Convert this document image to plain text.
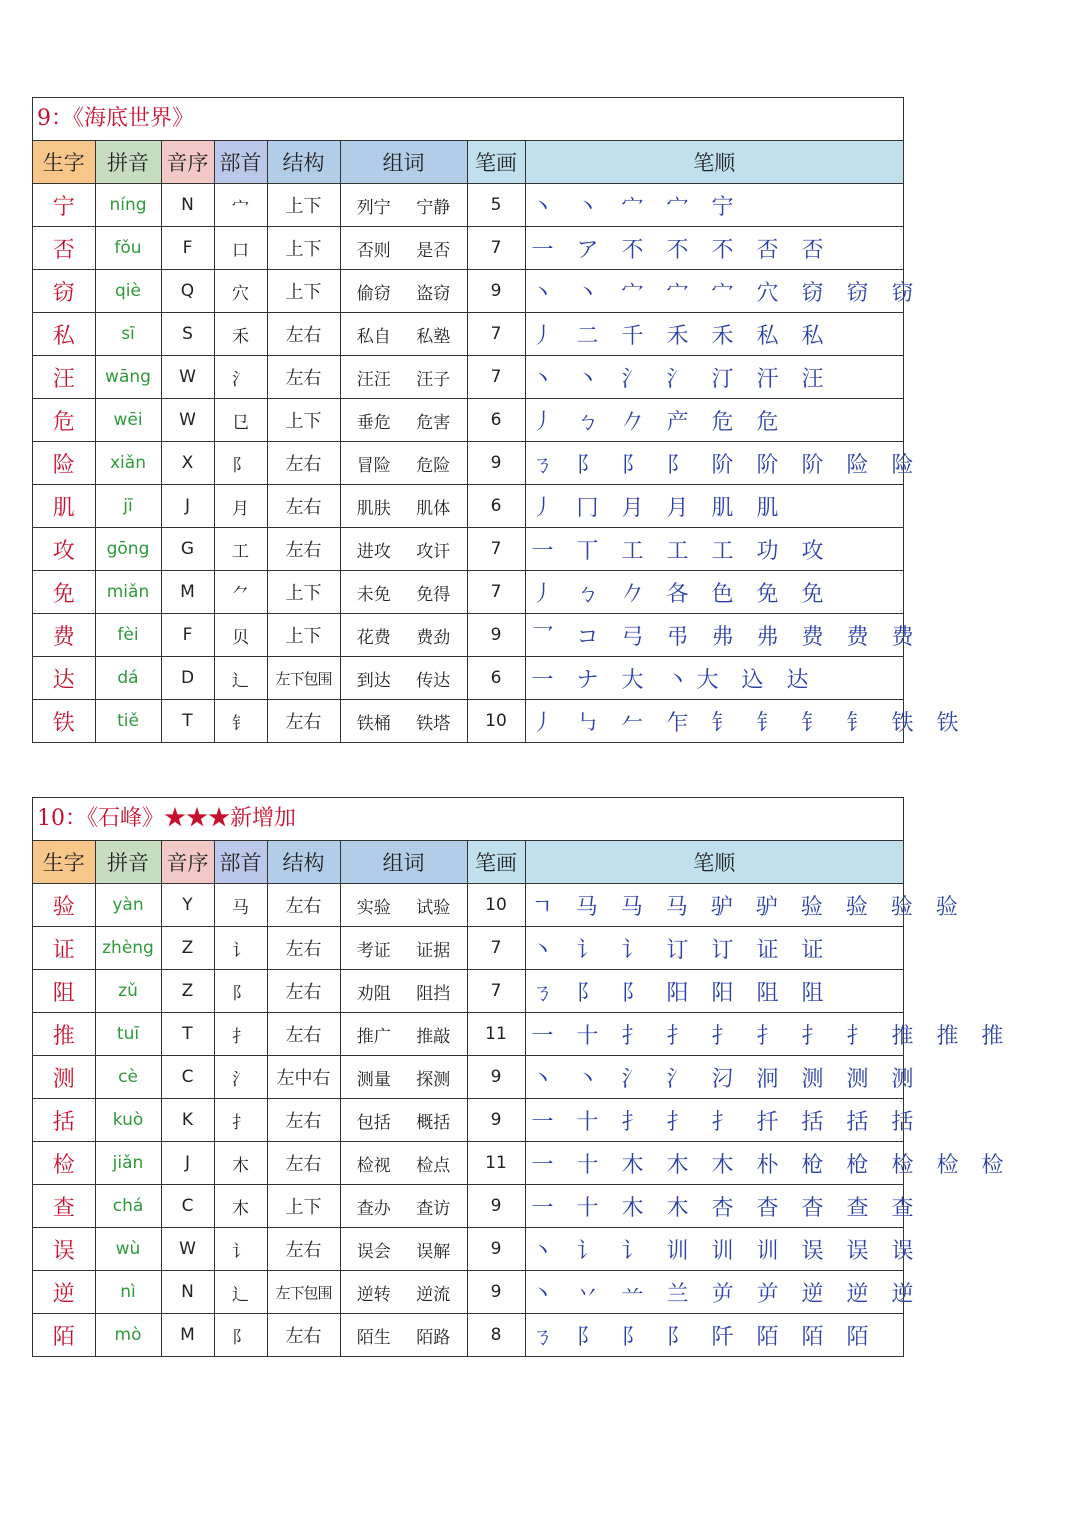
9：《海底世界》
生字	拼音	音序	部首	结构	组词	笔画	笔顺
宁	níng	N	宀	上下	列宁 宁静	5	丶 丶 宀 宀 宁
否	fǒu	F	口	上下	否则 是否	7	一 ア 不 不 不 否 否
窃	qiè	Q	穴	上下	偷窃 盗窃	9	丶 丶 宀 宀 宀 穴 窃 窃 窃
私	sī	S	禾	左右	私自 私塾	7	丿 二 千 禾 禾 私 私
汪	wāng	W	氵	左右	汪汪 汪子	7	丶 丶 氵 氵 汀 汗 汪
危	wēi	W	㔾	上下	垂危 危害	6	丿 ㄅ 𠂊 产 危 危
险	xiǎn	X	阝	左右	冒险 危险	9	ㄋ 阝 阝 阝 阶 阶 阶 险 险
肌	jī	J	月	左右	肌肤 肌体	6	丿 冂 月 月 肌 肌
攻	gōng	G	工	左右	进攻 攻讦	7	一 丅 工 工 工 功 攻
免	miǎn	M	⺈	上下	未免 免得	7	丿 ㄅ 𠂊 各 色 免 免
费	fèi	F	贝	上下	花费 费劲	9	乛 コ 弓 弔 弗 弗 费 费 费
达	dá	D	辶	左下包围	到达 传达	6	一 ナ 大 丶大 込 达
铁	tiě	T	钅	左右	铁桶 铁塔	10	丿 ㇉ 𠂉 乍 钅 钅 钅 钅 铁 铁
10：《石峰》★★★新增加
生字	拼音	音序	部首	结构	组词	笔画	笔顺
验	yàn	Y	马	左右	实验 试验	10	ㄱ 马 马 马 驴 驴 验 验 验 验
证	zhèng	Z	讠	左右	考证 证据	7	丶 讠 讠 订 订 证 证
阻	zǔ	Z	阝	左右	劝阻 阻挡	7	ㄋ 阝 阝 阳 阳 阻 阻
推	tuī	T	扌	左右	推广 推敲	11	一 十 扌 扌 扌 扌 扌 扌 推 推 推
测	cè	C	氵	左中右	测量 探测	9	丶 丶 氵 氵 汈 泂 测 测 测
括	kuò	K	扌	左右	包括 概括	9	一 十 扌 扌 扌 扦 括 括 括
检	jiǎn	J	木	左右	检视 检点	11	一 十 木 木 木 朴 枪 枪 检 检 检
查	chá	C	木	上下	查办 查访	9	一 十 木 木 杏 杳 杳 查 查
误	wù	W	讠	左右	误会 误解	9	丶 讠 讠 训 训 训 误 误 误
逆	nì	N	辶	左下包围	逆转 逆流	9	丶 丷 䒑 兰 屰 屰 逆 逆 逆
陌	mò	M	阝	左右	陌生 陌路	8	ㄋ 阝 阝 阝 阡 陌 陌 陌
